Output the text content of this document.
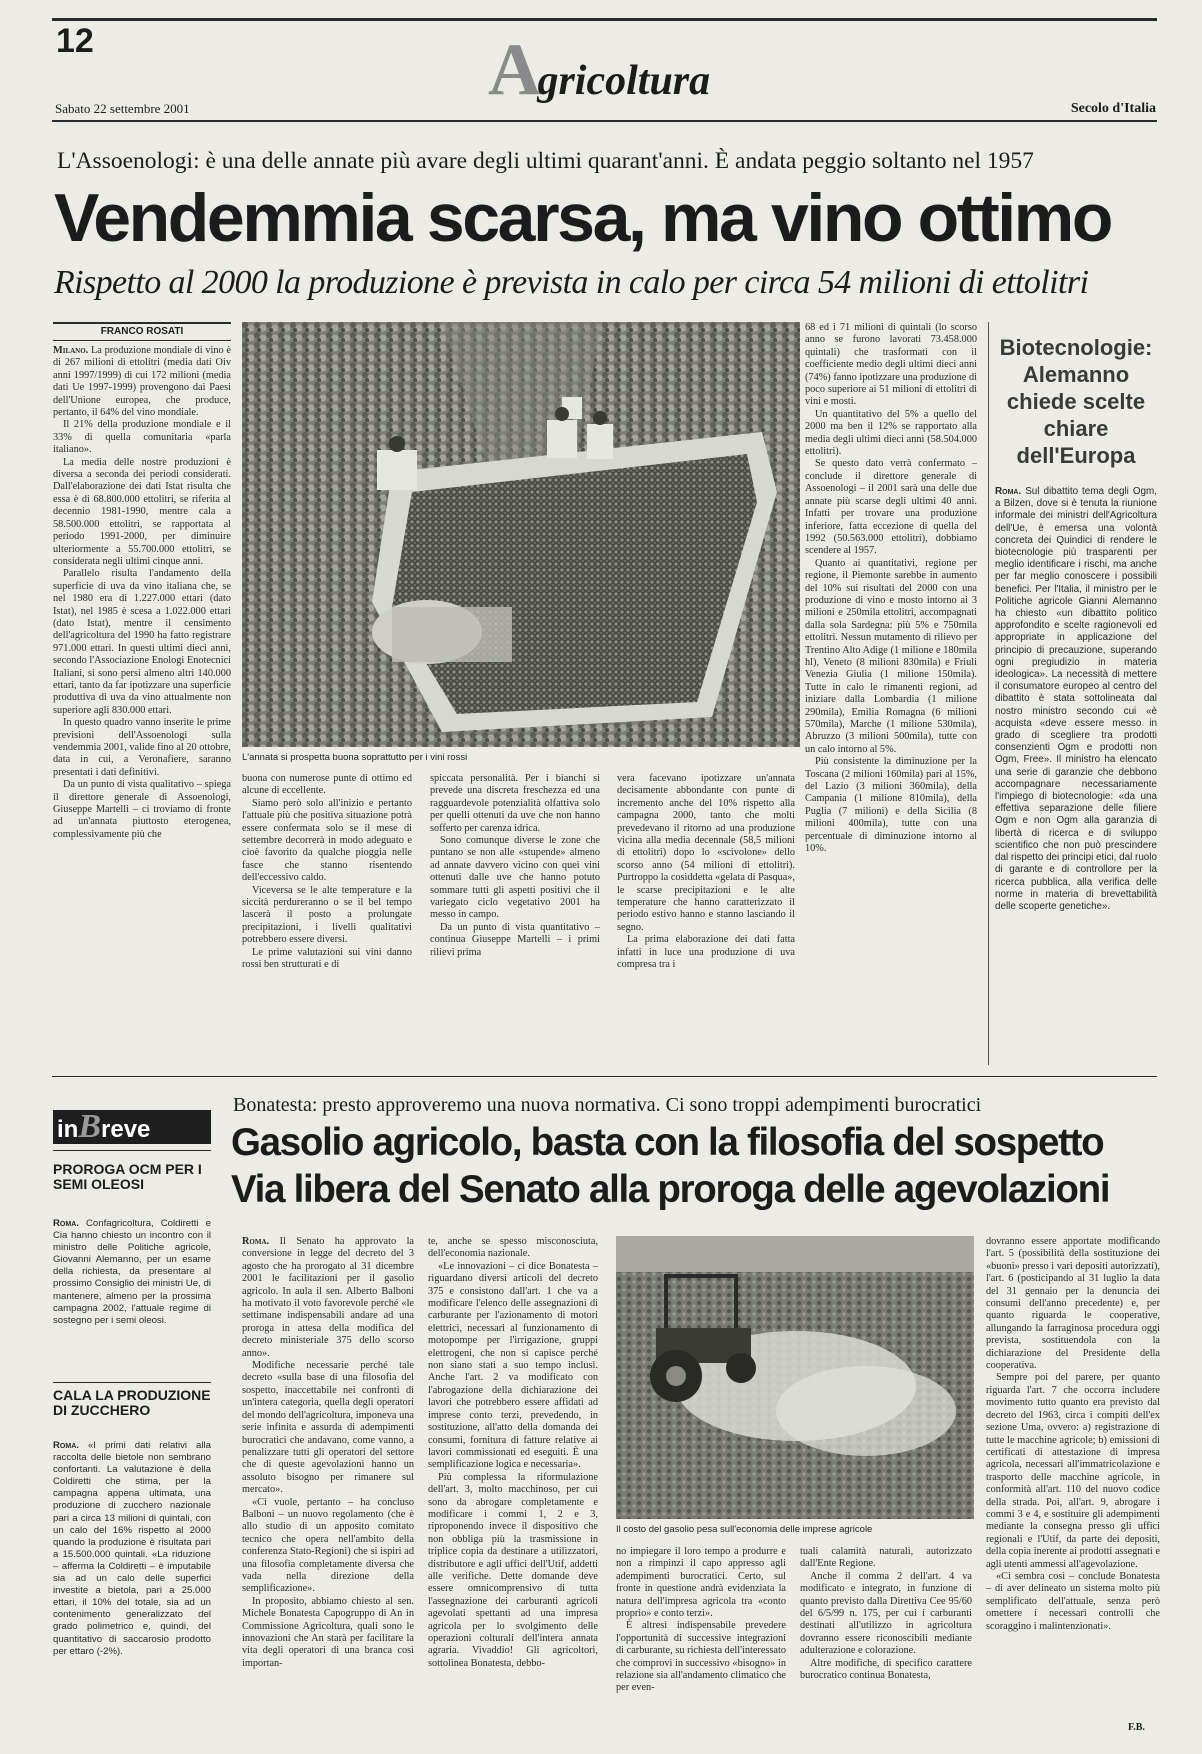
12	Agricoltura
Sabato 22 settembre 2001	Secolo d'Italia
L'Assoenologi: è una delle annate più avare degli ultimi quarant'anni. È andata peggio soltanto nel 1957
Vendemmia scarsa, ma vino ottimo
Rispetto al 2000 la produzione è prevista in calo per circa 54 milioni di ettolitri
FRANCO ROSATI

Milano. La produzione mondiale di vino è di 267 milioni di ettolitri (media dati Oiv anni 1997/1999) di cui 172 milioni (media dati Ue 1997-1999) provengono dai Paesi dell'Unione europea, che produce, pertanto, il 64% del vino mondiale.

Il 21% della produzione mondiale e il 33% di quella comunitaria «parla italiano».

La media delle nostre produzioni è diversa a seconda dei periodi considerati. Dall'elaborazione dei dati Istat risulta che essa è di 68.800.000 ettolitri, se riferita al decennio 1981-1990, mentre cala a 58.500.000 ettolitri, se rapportata al periodo 1991-2000, per diminuire ulteriormente a 55.700.000 ettolitri, se considerata negli ultimi cinque anni.

Parallelo risulta l'andamento della superficie di uva da vino italiana che, se nel 1980 era di 1.227.000 ettari (dato Istat), nel 1985 è scesa a 1.022.000 ettari (dato Istat), mentre il censimento dell'agricoltura del 1990 ha fatto registrare 971.000 ettari. In questi ultimi dieci anni, secondo l'Associazione Enologi Enotecnici Italiani, si sono persi almeno altri 140.000 ettari, tanto da far ipotizzare una superficie produttiva di uva da vino attualmente non superiore agli 830.000 ettari.

In questo quadro vanno inserite le prime previsioni dell'Assoenologi sulla vendemmia 2001, valide fino al 20 ottobre, data in cui, a Veronafiere, saranno presentati i dati definitivi.

Da un punto di vista qualitativo – spiega il direttore generale di Assoenologi, Giuseppe Martelli – ci troviamo di fronte ad un'annata piuttosto eterogenea, complessivamente più che

L'annata si prospetta buona soprattutto per i vini rossi

buona con numerose punte di ottimo ed alcune di eccellente.

Siamo però solo all'inizio e pertanto l'attuale più che positiva situazione potrà essere confermata solo se il mese di settembre decorrerà in modo adeguato e cioè favorito da qualche pioggia nelle fasce che stanno risentendo dell'eccessivo caldo.

Viceversa se le alte temperature e la siccità perdureranno o se il bel tempo lascerà il posto a prolungate precipitazioni, i livelli qualitativi potrebbero essere diversi.

Le prime valutazioni sui vini danno rossi ben strutturati e di

spiccata personalità. Per i bianchi si prevede una discreta freschezza ed una ragguardevole potenzialità olfattiva solo per quelli ottenuti da uve che non hanno sofferto per carenza idrica.

Sono comunque diverse le zone che puntano se non alle «stupende» almeno ad annate davvero vicino con quei vini ottenuti dalle uve che hanno potuto sommare tutti gli aspetti positivi che il variegato ciclo vegetativo 2001 ha messo in campo.

Da un punto di vista quantitativo – continua Giuseppe Martelli – i primi rilievi prima

vera facevano ipotizzare un'annata decisamente abbondante con punte di incremento anche del 10% rispetto alla campagna 2000, tanto che molti prevedevano il ritorno ad una produzione vicina alla media decennale (58,5 milioni di ettolitri) dopo lo «scivolone» dello scorso anno (54 milioni di ettolitri). Purtroppo la cosiddetta «gelata di Pasqua», le scarse precipitazioni e le alte temperature che hanno caratterizzato il periodo estivo hanno e stanno lasciando il segno.

La prima elaborazione dei dati fatta infatti in luce una produzione di uva compresa tra i

68 ed i 71 milioni di quintali (lo scorso anno se furono lavorati 73.458.000 quintali) che trasformati con il coefficiente medio degli ultimi dieci anni (74%) fanno ipotizzare una produzione di poco superiore ai 51 milioni di ettolitri di vini e mosti.

Un quantitativo del 5% a quello del 2000 ma ben il 12% se rapportato alla media degli ultimi dieci anni (58.504.000 ettolitri).

Se questo dato verrà confermato – conclude il direttore generale di Assoenologi – il 2001 sarà una delle due annate più scarse degli ultimi 40 anni. Infatti per trovare una produzione inferiore, fatta eccezione di quella del 1992 (50.563.000 ettolitri), dobbiamo scendere al 1957.

Quanto ai quantitativi, regione per regione, il Piemonte sarebbe in aumento del 10% sui risultati del 2000 con una produzione di vino e mosto intorno ai 3 milioni e 250mila ettolitri, accompagnati dalla sola Sardegna: più 5% e 750mila ettolitri. Nessun mutamento di rilievo per Trentino Alto Adige (1 milione e 180mila hl), Veneto (8 milioni 830mila) e Friuli Venezia Giulia (1 milione 150mila). Tutte in calo le rimanenti regioni, ad iniziare dalla Lombardia (1 milione 290mila), Emilia Romagna (6 milioni 570mila), Marche (1 milione 530mila), Abruzzo (3 milioni 500mila), tutte con un calo intorno al 5%.

Più consistente la diminuzione per la Toscana (2 milioni 160mila) pari al 15%, del Lazio (3 milioni 360mila), della Campania (1 milione 810mila), della Puglia (7 milioni) e della Sicilia (8 milioni 400mila), tutte con una percentuale di diminuzione intorno al 10%.

Biotecnologie: Alemanno chiede scelte chiare dell'Europa

Roma. Sul dibattito tema degli Ogm, a Bilzen, dove si è tenuta la riunione informale dei ministri dell'Agricoltura dell'Ue, è emersa una volontà concreta dei Quindici di rendere le biotecnologie più trasparenti per meglio identificare i rischi, ma anche per far meglio conoscere i possibili benefici. Per l'Italia, il ministro per le Politiche agricole Gianni Alemanno ha chiesto «un dibattito politico approfondito e scelte ragionevoli ed appropriate in applicazione del principio di precauzione, superando ogni pregiudizio in materia ideologica». La necessità di mettere il consumatore europeo al centro del dibattito è stata sottolineata dal nostro ministro secondo cui «è acquista «deve essere messo in grado di scegliere tra prodotti consenzienti Ogm e prodotti non Ogm, Free». Il ministro ha elencato una serie di garanzie che debbono accompagnare necessariamente l'impiego di biotecnologie: «da una effettiva separazione delle filiere Ogm e non Ogm alla garanzia di libertà di ricerca e di sviluppo scientifico che non può prescindere dal rispetto dei principi etici, dal ruolo di garante e di controllore per la ricerca pubblica, alla verifica delle norme in materia di brevettabilità delle scoperte genetiche».

inBreve
PROROGA OCM PER I SEMI OLEOSI

Roma. Confagricoltura, Coldiretti e Cia hanno chiesto un incontro con il ministro delle Politiche agricole, Giovanni Alemanno, per un esame della richiesta, da presentare al prossimo Consiglio dei ministri Ue, di mantenere, almeno per la prossima campagna 2002, l'attuale regime di sostegno per i semi oleosi.

CALA LA PRODUZIONE DI ZUCCHERO

Roma. «I primi dati relativi alla raccolta delle bietole non sembrano confortanti. La valutazione è della Coldiretti che stima, per la campagna appena ultimata, una produzione di zucchero nazionale pari a circa 13 milioni di quintali, con un calo del 16% rispetto al 2000 quando la produzione è risultata pari a 15.500.000 quintali. «La riduzione – afferma la Coldiretti – è imputabile sia ad un calo delle superfici investite a bietola, pari a 25.000 ettari, il 10% del totale, sia ad un contenimento generalizzato del grado polimetrico e, quindi, del quantitativo di saccarosio prodotto per ettaro (-2%).

Bonatesta: presto approveremo una nuova normativa. Ci sono troppi adempimenti burocratici
Gasolio agricolo, basta con la filosofia del sospetto
Via libera del Senato alla proroga delle agevolazioni

Roma. Il Senato ha approvato la conversione in legge del decreto del 3 agosto che ha prorogato al 31 dicembre 2001 le facilitazioni per il gasolio agricolo. In aula il sen. Alberto Balboni ha motivato il voto favorevole perché «le settimane indispensabili andare ad una proroga in attesa della modifica del decreto ministeriale 375 dello scorso anno».

Modifiche necessarie perché tale decreto «sulla base di una filosofia del sospetto, inaccettabile nei confronti di un'intera categoria, quella degli operatori del mondo dell'agricoltura, imponeva una serie infinita e assurda di adempimenti burocratici che andavano, come vanno, a penalizzare tutti gli operatori del settore che di queste agevolazioni hanno un assoluto bisogno per rimanere sul mercato».

«Ci vuole, pertanto – ha concluso Balboni – un nuovo regolamento (che è allo studio di un apposito comitato tecnico che opera nell'ambito della conferenza Stato-Regioni) che si ispiri ad una filosofia completamente diversa che vada nella direzione della semplificazione».

In proposito, abbiamo chiesto al sen. Michele Bonatesta Capogruppo di An in Commissione Agricoltura, quali sono le innovazioni che An starà per facilitare la vita degli operatori di una branca così importan-

te, anche se spesso misconosciuta, dell'economia nazionale.

«Le innovazioni – ci dice Bonatesta – riguardano diversi articoli del decreto 375 e consistono dall'art. 1 che va a modificare l'elenco delle assegnazioni di carburante per l'azionamento di motori elettrici, necessari al funzionamento di motopompe per l'irrigazione, gruppi elettrogeni, che non si capisce perché non siano stati a suo tempo inclusi. Anche l'art. 2 va modificato con l'abrogazione della dichiarazione dei lavori che potrebbero essere affidati ad imprese conto terzi, prevedendo, in sostituzione, all'atto della domanda dei consumi, fornitura di fatture relative ai lavori commissionati ed eseguiti. È una semplificazione logica e necessaria».

Più complessa la riformulazione dell'art. 3, molto macchinoso, per cui sono da abrogare completamente e modificare i commi 1, 2 e 3, riproponendo invece il dispositivo che non obbliga più la trasmissione in triplice copia da destinare a utilizzatori, distributore e agli uffici dell'Utif, addetti alle verifiche. Dette domande deve essere omnicomprensivo di tutta l'assegnazione dei carburanti agricoli agevolati spettanti ad una impresa agricola per lo svolgimento delle operazioni colturali dell'intera annata agraria. Vivaddio! Gli agricoltori, sottolinea Bonatesta, debbo-

Il costo del gasolio pesa sull'economia delle imprese agricole

no impiegare il loro tempo a produrre e non a rimpinzi il capo appresso agli adempimenti burocratici. Certo, sul fronte in questione andrà evidenziata la natura dell'impresa agricola tra «conto proprio» e conto terzi».

È altresì indispensabile prevedere l'opportunità di successive integrazioni di carburante, su richiesta dell'interessato che comprovi in successivo «bisogno» in relazione sia all'andamento climatico che per even-

tuali calamità naturali, autorizzato dall'Ente Regione.

Anche il comma 2 dell'art. 4 va modificato e integrato, in funzione di quanto previsto dalla Direttiva Cee 95/60 del 6/5/99 n. 175, per cui i carburanti destinati all'utilizzo in agricoltura dovranno essere riconoscibili mediante adulterazione e colorazione.

Altre modifiche, di specifico carattere burocratico continua Bonatesta,

dovranno essere apportate modificando l'art. 5 (possibilità della sostituzione dei «buoni» presso i vari depositi autorizzati), l'art. 6 (posticipando al 31 luglio la data del 31 gennaio per la denuncia dei consumi dell'anno precedente) e, per quanto riguarda le cooperative, allungando la farraginosa procedura oggi prevista, sostituendola con la dichiarazione del Presidente della cooperativa.

Sempre poi del parere, per quanto riguarda l'art. 7 che occorra includere movimento tutto quanto era previsto dal decreto del 1963, circa i compiti dell'ex sezione Uma, ovvero: a) registrazione di tutte le macchine agricole; b) emissioni di certificati di attestazione di impresa agricola, necessari all'immatricolazione e trasporto delle macchine agricole, in conformità all'art. 110 del nuovo codice della strada. Poi, all'art. 9, abrogare i commi 3 e 4, e sostituire gli adempimenti mediante la consegna presso gli uffici regionali e l'Utif, da parte dei depositi, della copia inerente ai prodotti assegnati e agli utenti ammessi all'agevolazione.

«Ci sembra così – conclude Bonatesta – di aver delineato un sistema molto più semplificato dell'attuale, senza però ometterе i necessari controlli che scoraggino i malintenzionati».

F.B.
